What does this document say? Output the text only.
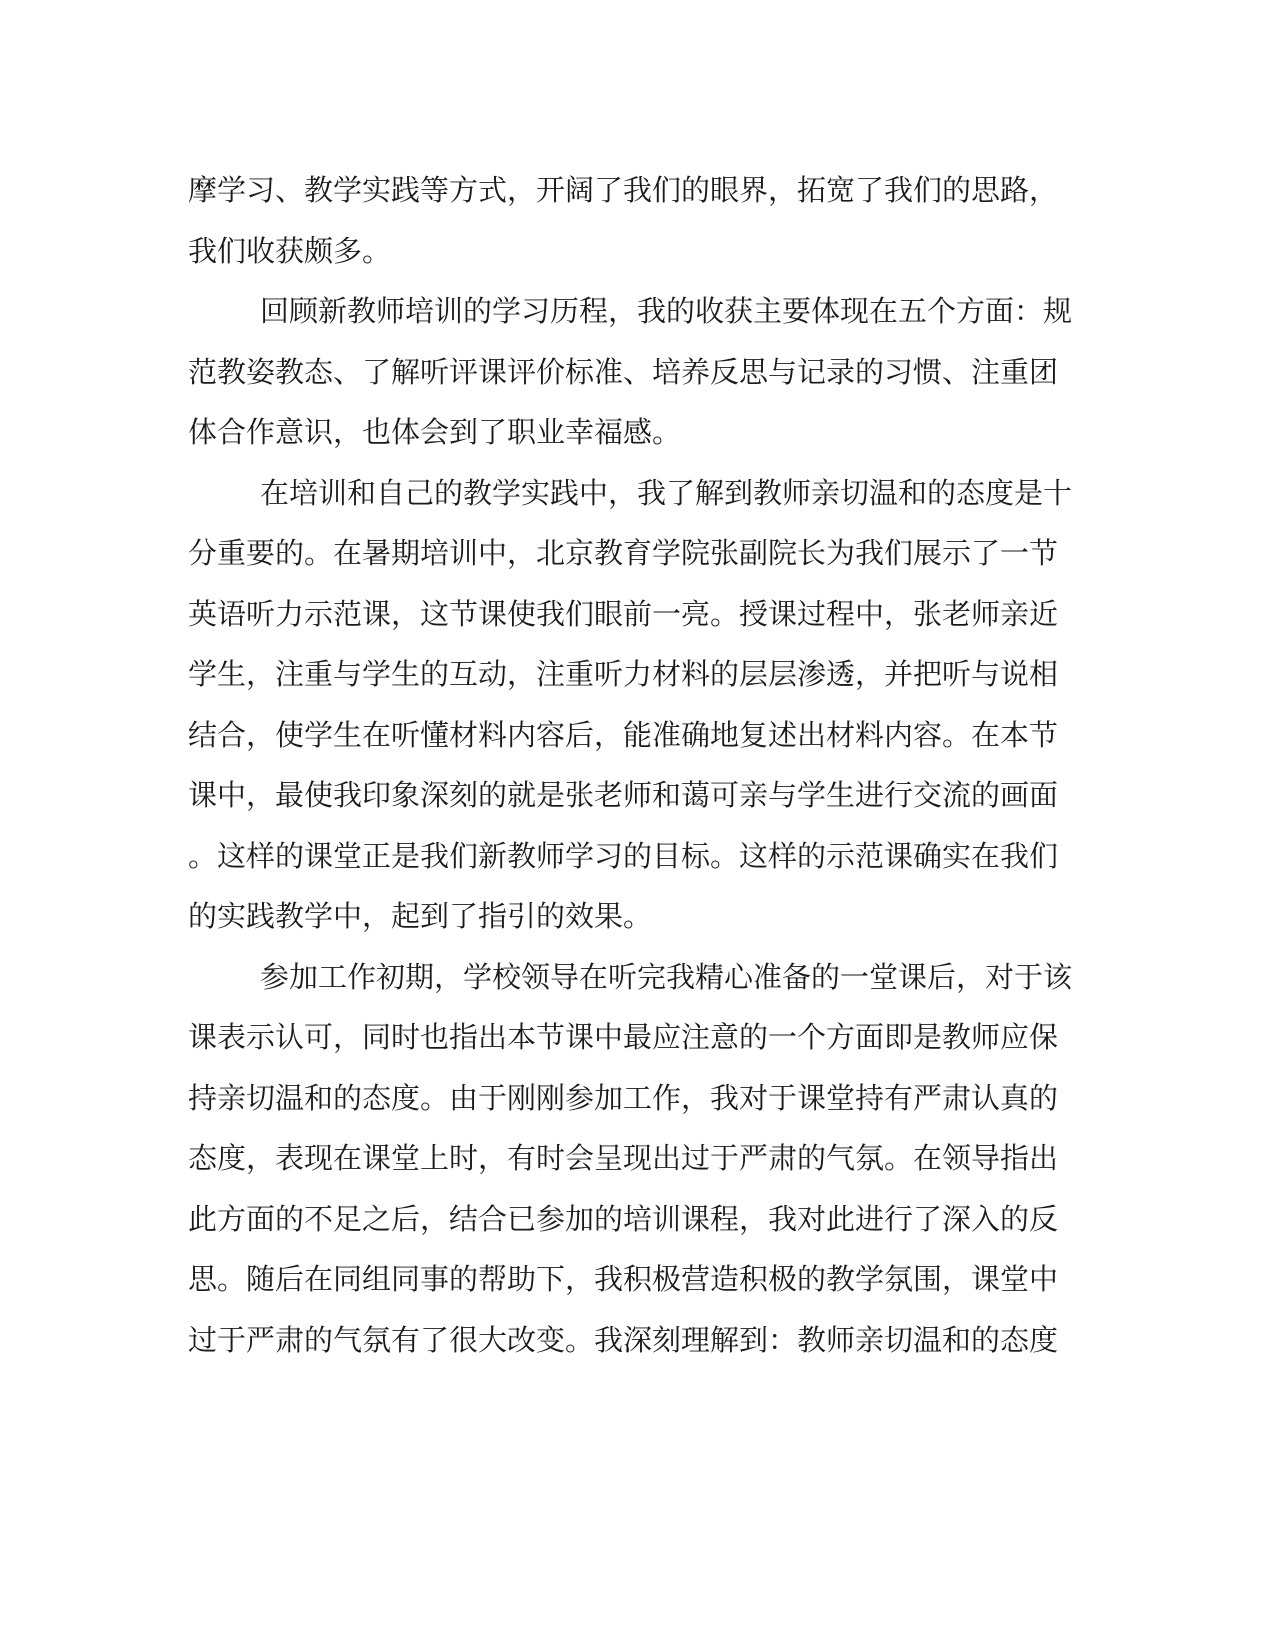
摩学习、教学实践等方式，开阔了我们的眼界，拓宽了我们的思路，
我们收获颇多。
回顾新教师培训的学习历程，我的收获主要体现在五个方面：规
范教姿教态、了解听评课评价标准、培养反思与记录的习惯、注重团
体合作意识，也体会到了职业幸福感。
在培训和自己的教学实践中，我了解到教师亲切温和的态度是十
分重要的。在暑期培训中，北京教育学院张副院长为我们展示了一节
英语听力示范课，这节课使我们眼前一亮。授课过程中，张老师亲近
学生，注重与学生的互动，注重听力材料的层层渗透，并把听与说相
结合，使学生在听懂材料内容后，能准确地复述出材料内容。在本节
课中，最使我印象深刻的就是张老师和蔼可亲与学生进行交流的画面
。这样的课堂正是我们新教师学习的目标。这样的示范课确实在我们
的实践教学中，起到了指引的效果。
参加工作初期，学校领导在听完我精心准备的一堂课后，对于该
课表示认可，同时也指出本节课中最应注意的一个方面即是教师应保
持亲切温和的态度。由于刚刚参加工作，我对于课堂持有严肃认真的
态度，表现在课堂上时，有时会呈现出过于严肃的气氛。在领导指出
此方面的不足之后，结合已参加的培训课程，我对此进行了深入的反
思。随后在同组同事的帮助下，我积极营造积极的教学氛围，课堂中
过于严肃的气氛有了很大改变。我深刻理解到：教师亲切温和的态度
